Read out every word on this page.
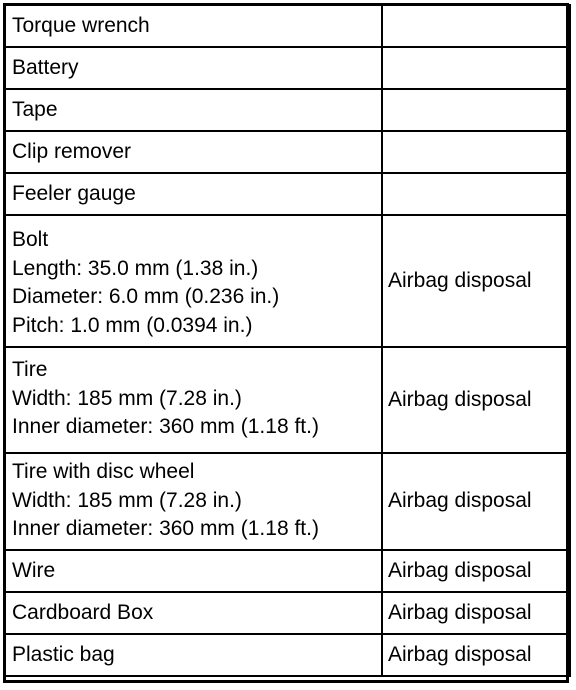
Torque wrench	

Battery	

Tape	

Clip remover	

Feeler gauge	

Bolt
Length: 35.0 mm (1.38 in.)
Diameter: 6.0 mm (0.236 in.)
Pitch: 1.0 mm (0.0394 in.)	Airbag disposal

Tire
Width: 185 mm (7.28 in.)
Inner diameter: 360 mm (1.18 ft.)	Airbag disposal

Tire with disc wheel
Width: 185 mm (7.28 in.)
Inner diameter: 360 mm (1.18 ft.)	Airbag disposal

Wire	Airbag disposal

Cardboard Box	Airbag disposal

Plastic bag	Airbag disposal
